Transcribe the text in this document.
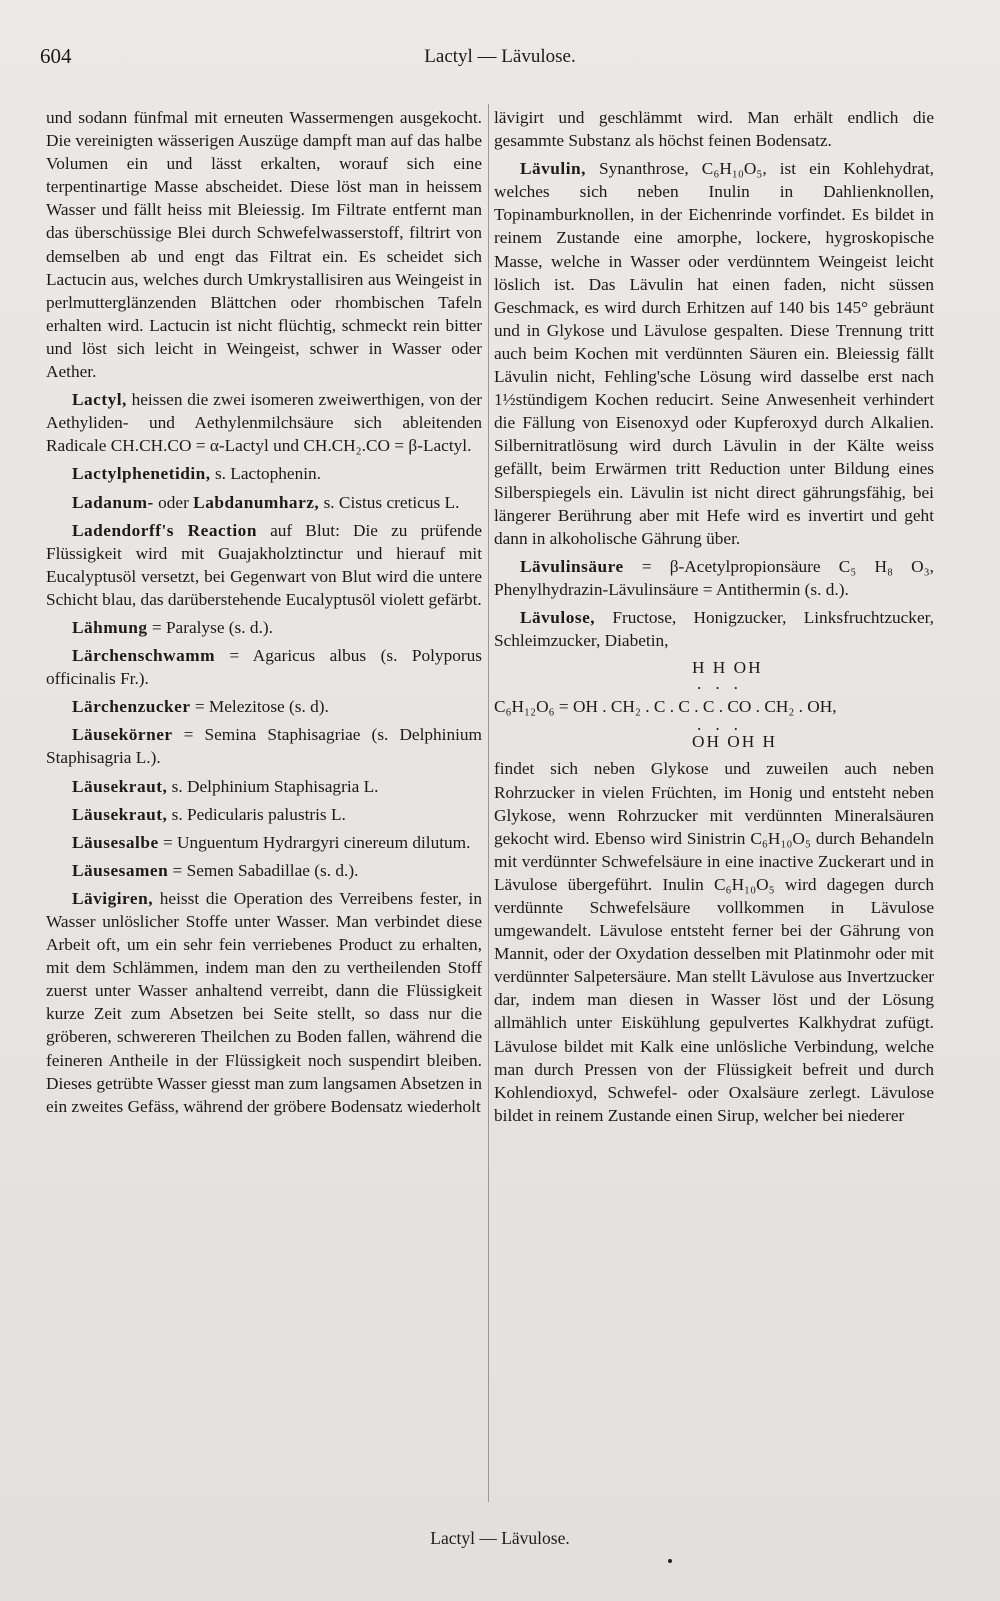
604	Lactyl — Lävulose.

und sodann fünfmal mit erneuten Wassermengen ausgekocht. Die vereinigten wässerigen Auszüge dampft man auf das halbe Volumen ein und lässt erkalten, worauf sich eine terpentinartige Masse abscheidet. Diese löst man in heissem Wasser und fällt heiss mit Bleiessig. Im Filtrate entfernt man das überschüssige Blei durch Schwefelwasserstoff, filtrirt von demselben ab und engt das Filtrat ein. Es scheidet sich Lactucin aus, welches durch Umkrystallisiren aus Weingeist in perlmutterglänzenden Blättchen oder rhombischen Tafeln erhalten wird. Lactucin ist nicht flüchtig, schmeckt rein bitter und löst sich leicht in Weingeist, schwer in Wasser oder Aether.

Lactyl, heissen die zwei isomeren zweiwerthigen, von der Aethyliden- und Aethylenmilchsäure sich ableitenden Radicale CH.CH.CO = α-Lactyl und CH.CH₂.CO = β-Lactyl.

Lactylphenetidin, s. Lactophenin.

Ladanum- oder Labdanumharz, s. Cistus creticus L.

Ladendorff's Reaction auf Blut: Die zu prüfende Flüssigkeit wird mit Guajakholztinctur und hierauf mit Eucalyptusöl versetzt, bei Gegenwart von Blut wird die untere Schicht blau, das darüberstehende Eucalyptusöl violett gefärbt.

Lähmung = Paralyse (s. d.).

Lärchenschwamm = Agaricus albus (s. Polyporus officinalis Fr.).

Lärchenzucker = Melezitose (s. d).

Läusekörner = Semina Staphisagriae (s. Delphinium Staphisagria L.).

Läusekraut, s. Delphinium Staphisagria L.

Läusekraut, s. Pedicularis palustris L.

Läusesalbe = Unguentum Hydrargyri cinereum dilutum.

Läusesamen = Semen Sabadillae (s. d.).

Lävigiren, heisst die Operation des Verreibens fester, in Wasser unlöslicher Stoffe unter Wasser. Man verbindet diese Arbeit oft, um ein sehr fein verriebenes Product zu erhalten, mit dem Schlämmen, indem man den zu vertheilenden Stoff zuerst unter Wasser anhaltend verreibt, dann die Flüssigkeit kurze Zeit zum Absetzen bei Seite stellt, so dass nur die gröberen, schwereren Theilchen zu Boden fallen, während die feineren Antheile in der Flüssigkeit noch suspendirt bleiben. Dieses getrübte Wasser giesst man zum langsamen Absetzen in ein zweites Gefäss, während der gröbere Bodensatz wiederholt

lävigirt und geschlämmt wird. Man erhält endlich die gesammte Substanz als höchst feinen Bodensatz.

Lävulin, Synanthrose, C₆H₁₀O₅, ist ein Kohlehydrat, welches sich neben Inulin in Dahlienknollen, Topinamburknollen, in der Eichenrinde vorfindet. Es bildet in reinem Zustande eine amorphe, lockere, hygroskopische Masse, welche in Wasser oder verdünntem Weingeist leicht löslich ist. Das Lävulin hat einen faden, nicht süssen Geschmack, es wird durch Erhitzen auf 140 bis 145° gebräunt und in Glykose und Lävulose gespalten. Diese Trennung tritt auch beim Kochen mit verdünnten Säuren ein. Bleiessig fällt Lävulin nicht, Fehling'sche Lösung wird dasselbe erst nach 1½stündigem Kochen reducirt. Seine Anwesenheit verhindert die Fällung von Eisenoxyd oder Kupferoxyd durch Alkalien. Silbernitratlösung wird durch Lävulin in der Kälte weiss gefällt, beim Erwärmen tritt Reduction unter Bildung eines Silberspiegels ein. Lävulin ist nicht direct gährungsfähig, bei längerer Berührung aber mit Hefe wird es invertirt und geht dann in alkoholische Gährung über.

Lävulinsäure = β-Acetylpropionsäure C₅ H₈ O₃, Phenylhydrazin-Lävulinsäure = Antithermin (s. d.).

Lävulose, Fructose, Honigzucker, Linksfruchtzucker, Schleimzucker, Diabetin,

H H OH
...
C₆H₁₂O₆ = OH . CH₂ . C . C . C . CO . CH₂ . OH,
...
OH OH H

findet sich neben Glykose und zuweilen auch neben Rohrzucker in vielen Früchten, im Honig und entsteht neben Glykose, wenn Rohrzucker mit verdünnten Mineralsäuren gekocht wird. Ebenso wird Sinistrin C₆H₁₀O₅ durch Behandeln mit verdünnter Schwefelsäure in eine inactive Zuckerart und in Lävulose übergeführt. Inulin C₆H₁₀O₅ wird dagegen durch verdünnte Schwefelsäure vollkommen in Lävulose umgewandelt. Lävulose entsteht ferner bei der Gährung von Mannit, oder der Oxydation desselben mit Platinmohr oder mit verdünnter Salpetersäure. Man stellt Lävulose aus Invertzucker dar, indem man diesen in Wasser löst und der Lösung allmählich unter Eiskühlung gepulvertes Kalkhydrat zufügt. Lävulose bildet mit Kalk eine unlösliche Verbindung, welche man durch Pressen von der Flüssigkeit befreit und durch Kohlendioxyd, Schwefel- oder Oxalsäure zerlegt. Lävulose bildet in reinem Zustande einen Sirup, welcher bei niederer

Lactyl — Lävulose.
